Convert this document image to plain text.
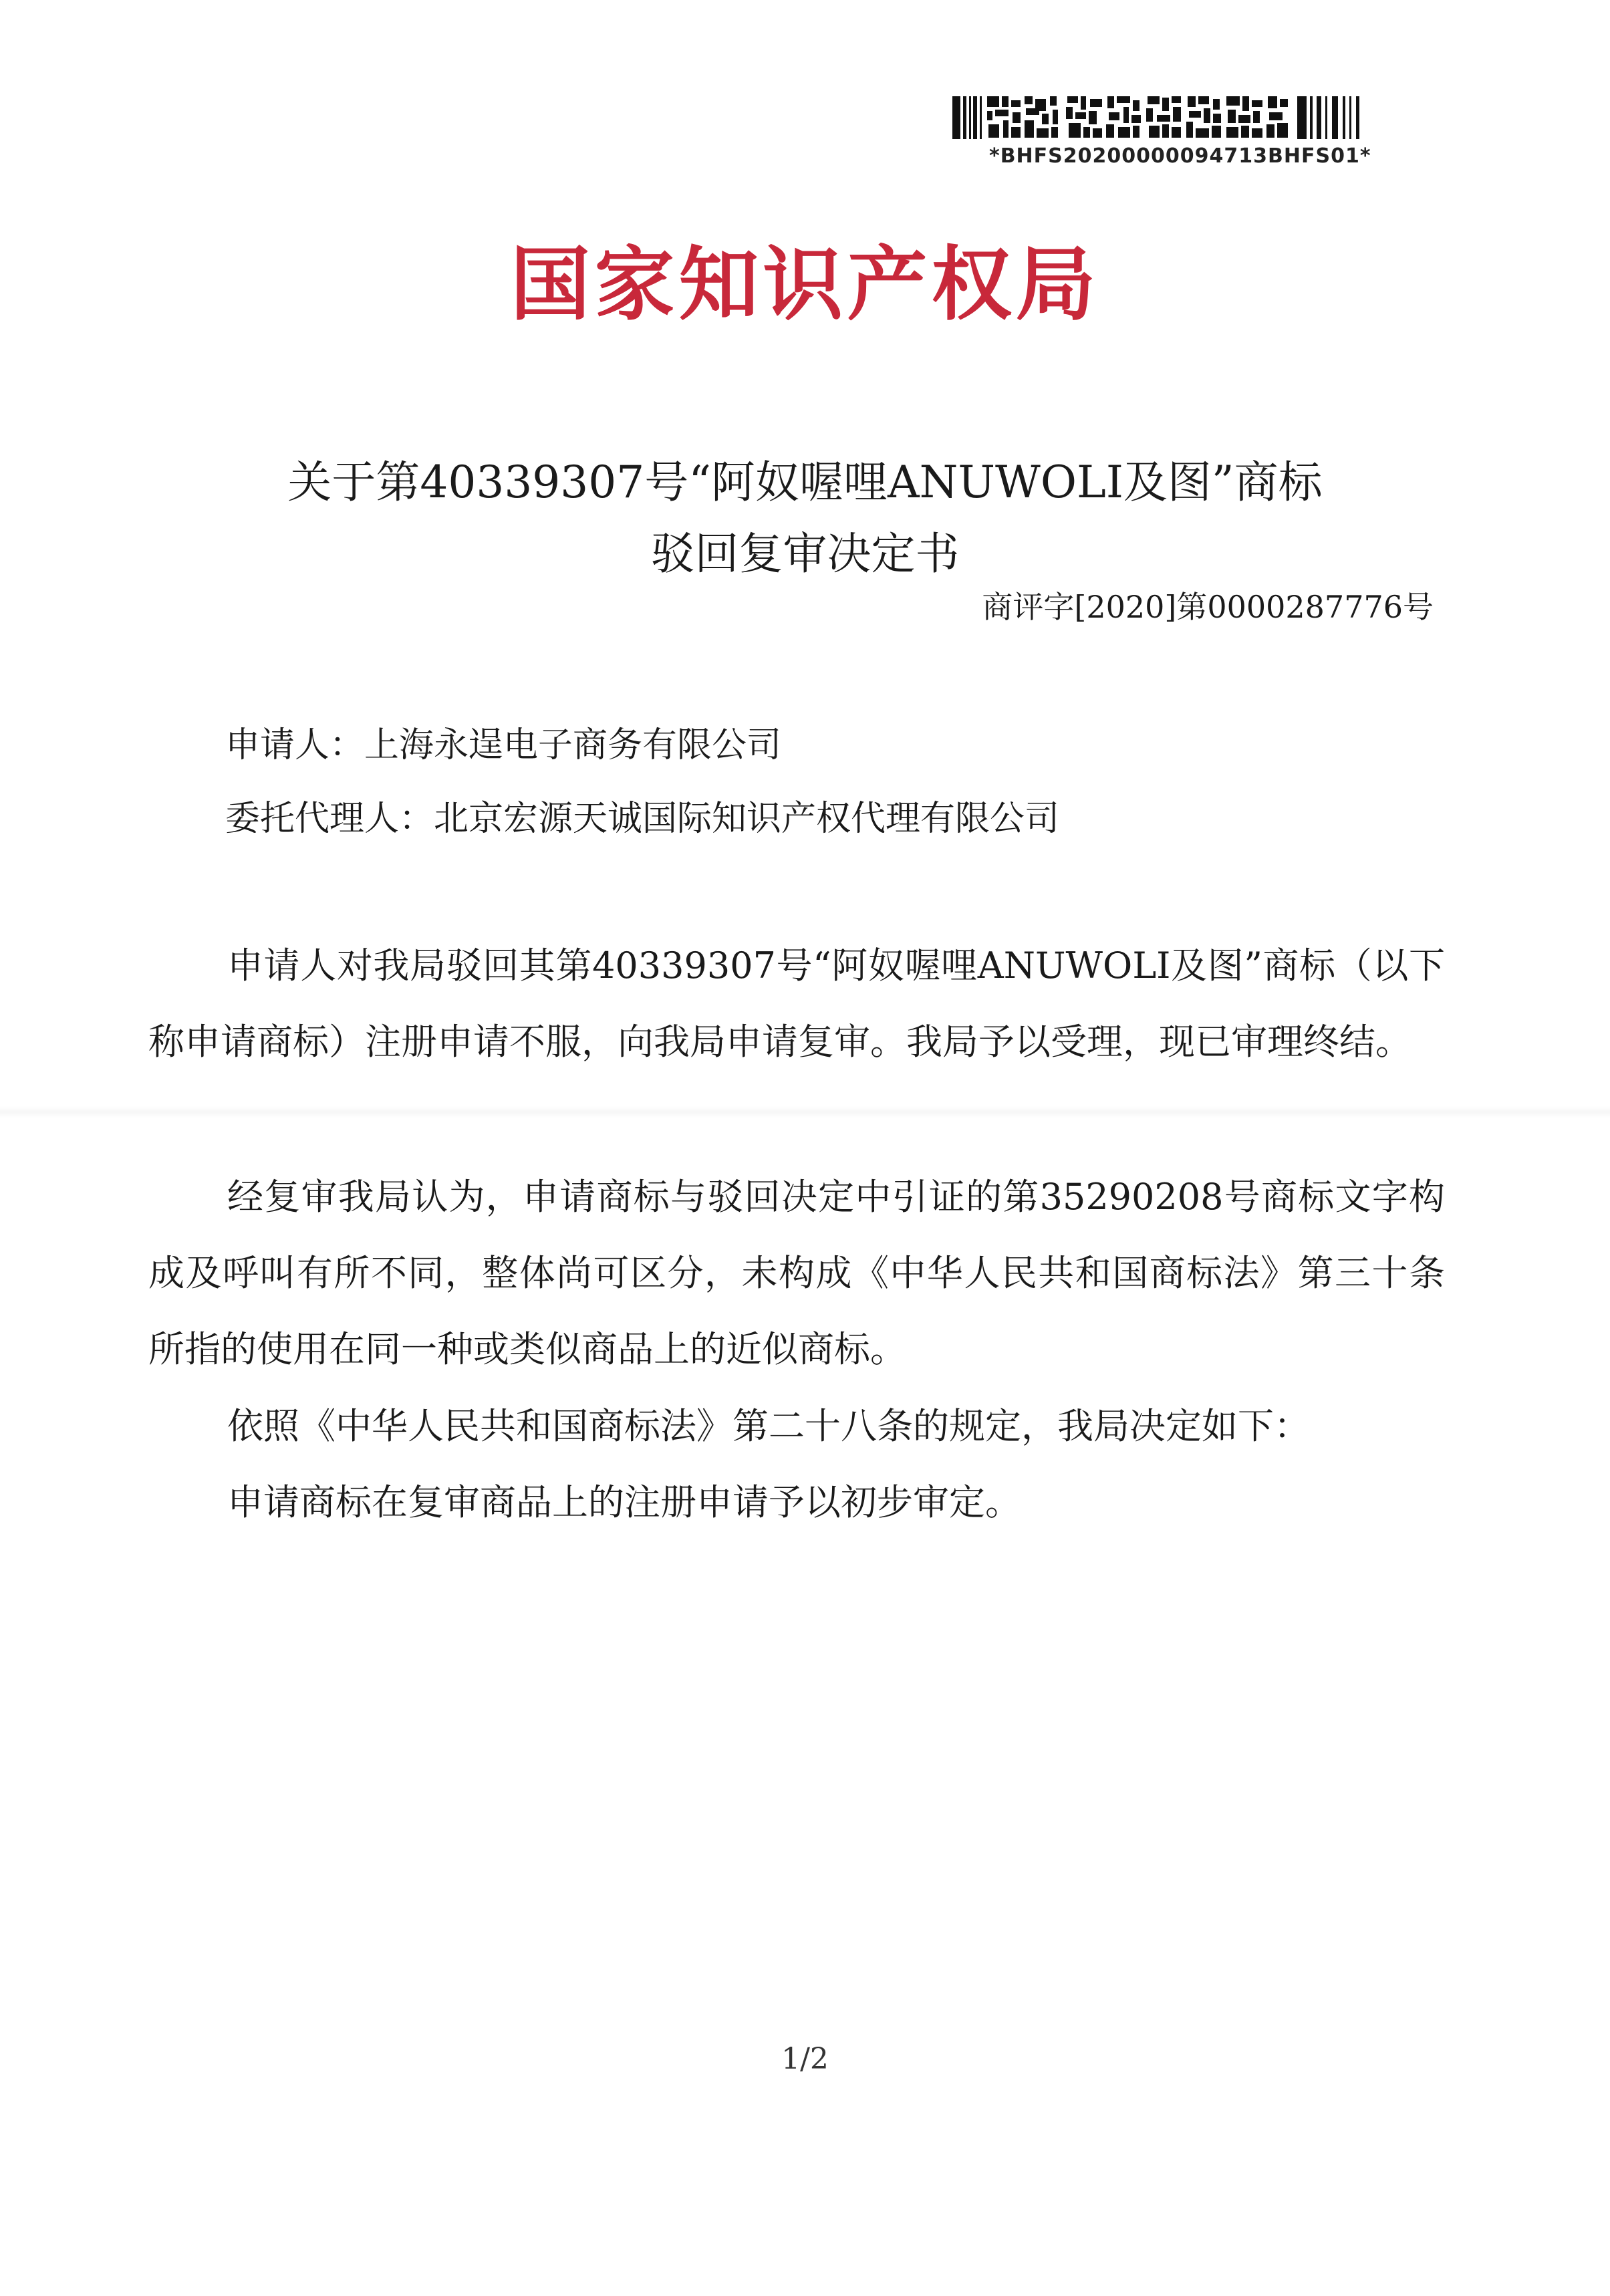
*BHFS20200000094713BHFS01*
国家知识产权局
关于第40339307号“阿奴喔哩ANUWOLI及图”商标
驳回复审决定书
商评字[2020]第0000287776号
申请人：上海永逞电子商务有限公司
委托代理人：北京宏源天诚国际知识产权代理有限公司
申请人对我局驳回其第40339307号“阿奴喔哩ANUWOLI及图”商标（以下称申请商标）注册申请不服，向我局申请复审。我局予以受理，现已审理终结。
经复审我局认为，申请商标与驳回决定中引证的第35290208号商标文字构成及呼叫有所不同，整体尚可区分，未构成《中华人民共和国商标法》第三十条所指的使用在同一种或类似商品上的近似商标。
依照《中华人民共和国商标法》第二十八条的规定，我局决定如下：
申请商标在复审商品上的注册申请予以初步审定。
1/2
